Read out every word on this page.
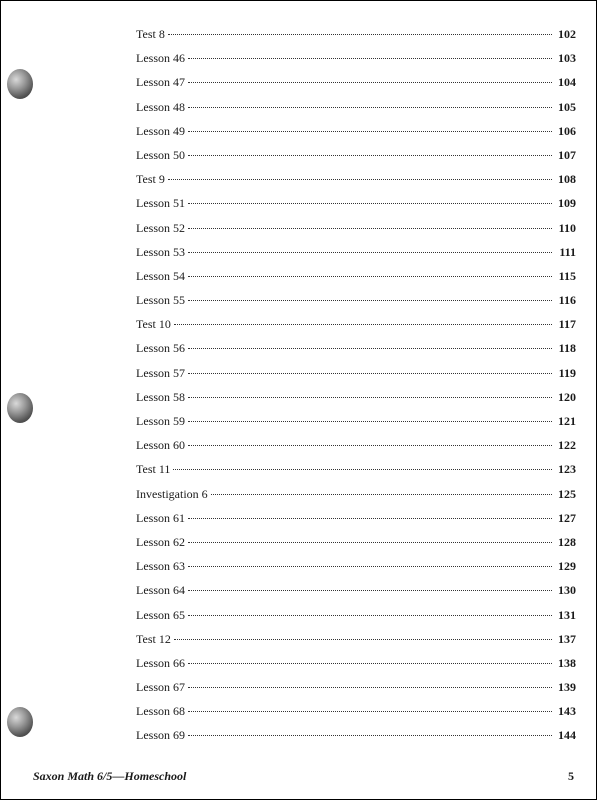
Test 8	102
Lesson 46	103
Lesson 47	104
Lesson 48	105
Lesson 49	106
Lesson 50	107
Test 9	108
Lesson 51	109
Lesson 52	110
Lesson 53	111
Lesson 54	115
Lesson 55	116
Test 10	117
Lesson 56	118
Lesson 57	119
Lesson 58	120
Lesson 59	121
Lesson 60	122
Test 11	123
Investigation 6	125
Lesson 61	127
Lesson 62	128
Lesson 63	129
Lesson 64	130
Lesson 65	131
Test 12	137
Lesson 66	138
Lesson 67	139
Lesson 68	143
Lesson 69	144
Saxon Math 6/5—Homeschool	5
